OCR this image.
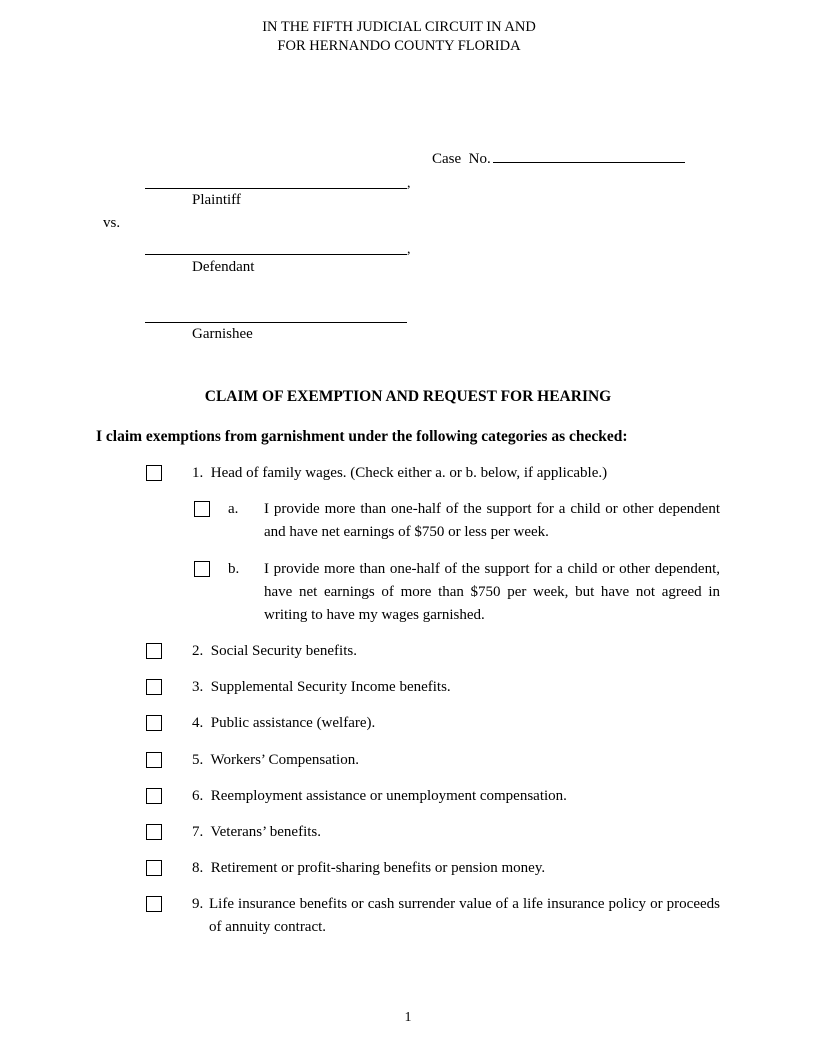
IN THE FIFTH JUDICIAL CIRCUIT IN AND
FOR HERNANDO COUNTY FLORIDA
Case  No.
,
Plaintiff
vs.
,
Defendant
Garnishee
CLAIM OF EXEMPTION AND REQUEST FOR HEARING
I claim exemptions from garnishment under the following categories as checked:
1. Head of family wages. (Check either a. or b. below, if applicable.)
a. I provide more than one-half of the support for a child or other dependent and have net earnings of $750 or less per week.
b. I provide more than one-half of the support for a child or other dependent, have net earnings of more than $750 per week, but have not agreed in writing to have my wages garnished.
2. Social Security benefits.
3. Supplemental Security Income benefits.
4. Public assistance (welfare).
5. Workers’ Compensation.
6. Reemployment assistance or unemployment compensation.
7. Veterans’ benefits.
8. Retirement or profit-sharing benefits or pension money.
9. Life insurance benefits or cash surrender value of a life insurance policy or proceeds of annuity contract.
1
